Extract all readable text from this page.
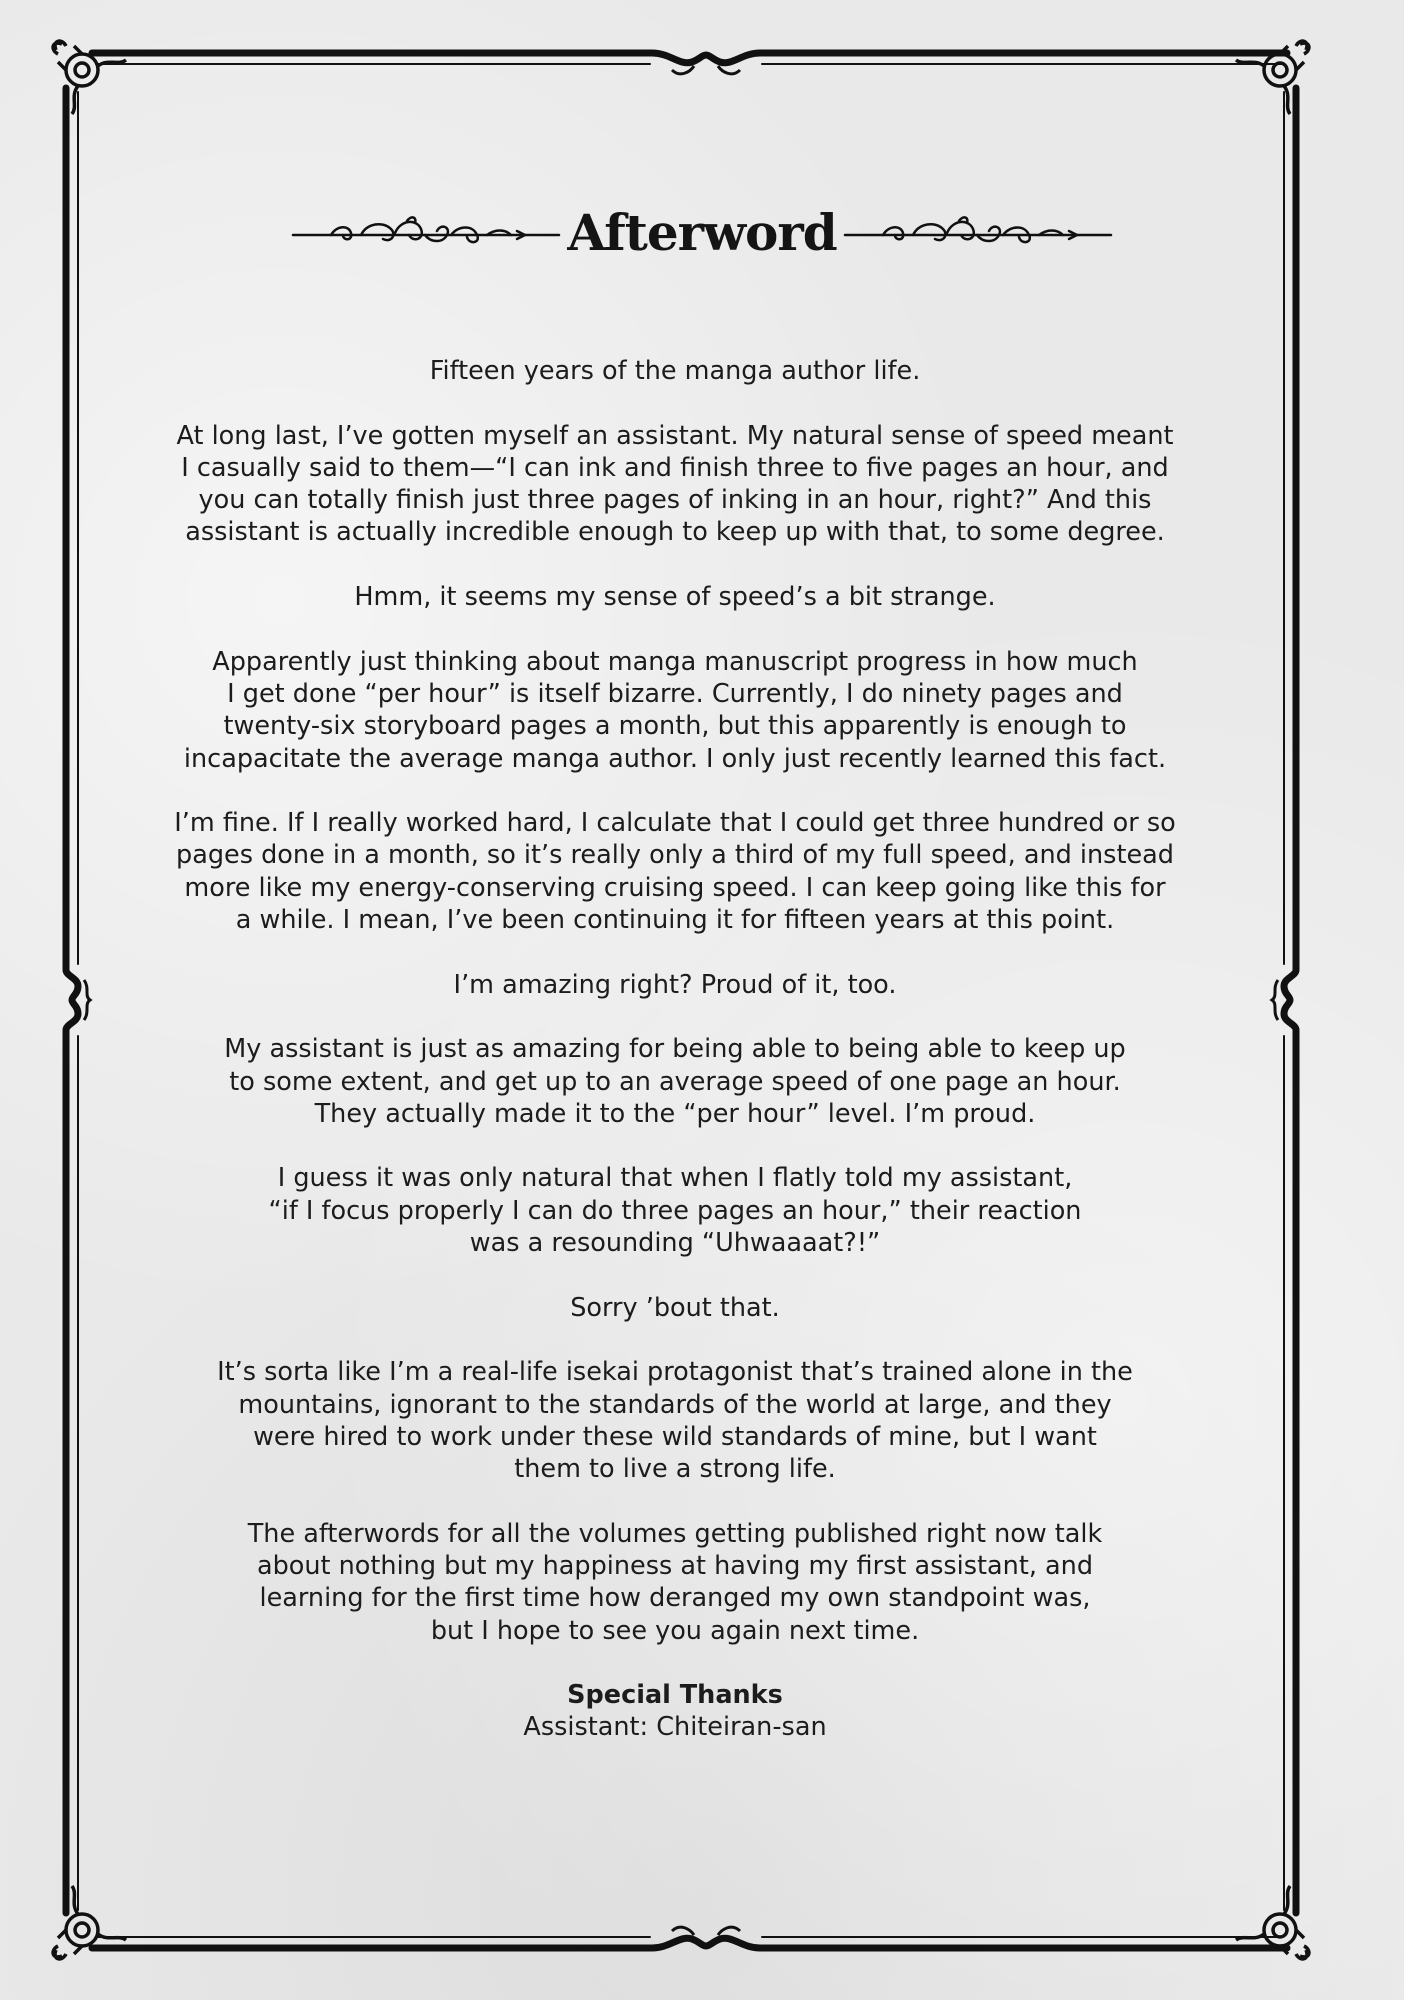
Afterword

Fifteen years of the manga author life.

At long last, I’ve gotten myself an assistant. My natural sense of speed meant
I casually said to them—“I can ink and finish three to five pages an hour, and
you can totally finish just three pages of inking in an hour, right?” And this
assistant is actually incredible enough to keep up with that, to some degree.

Hmm, it seems my sense of speed’s a bit strange.

Apparently just thinking about manga manuscript progress in how much
I get done “per hour” is itself bizarre. Currently, I do ninety pages and
twenty-six storyboard pages a month, but this apparently is enough to
incapacitate the average manga author. I only just recently learned this fact.

I’m fine. If I really worked hard, I calculate that I could get three hundred or so
pages done in a month, so it’s really only a third of my full speed, and instead
more like my energy-conserving cruising speed. I can keep going like this for
a while. I mean, I’ve been continuing it for fifteen years at this point.

I’m amazing right? Proud of it, too.

My assistant is just as amazing for being able to being able to keep up
to some extent, and get up to an average speed of one page an hour.
They actually made it to the “per hour” level. I’m proud.

I guess it was only natural that when I flatly told my assistant,
“if I focus properly I can do three pages an hour,” their reaction
was a resounding “Uhwaaaat?!”

Sorry ’bout that.

It’s sorta like I’m a real-life isekai protagonist that’s trained alone in the
mountains, ignorant to the standards of the world at large, and they
were hired to work under these wild standards of mine, but I want
them to live a strong life.

The afterwords for all the volumes getting published right now talk
about nothing but my happiness at having my first assistant, and
learning for the first time how deranged my own standpoint was,
but I hope to see you again next time.

Special Thanks
Assistant: Chiteiran-san
